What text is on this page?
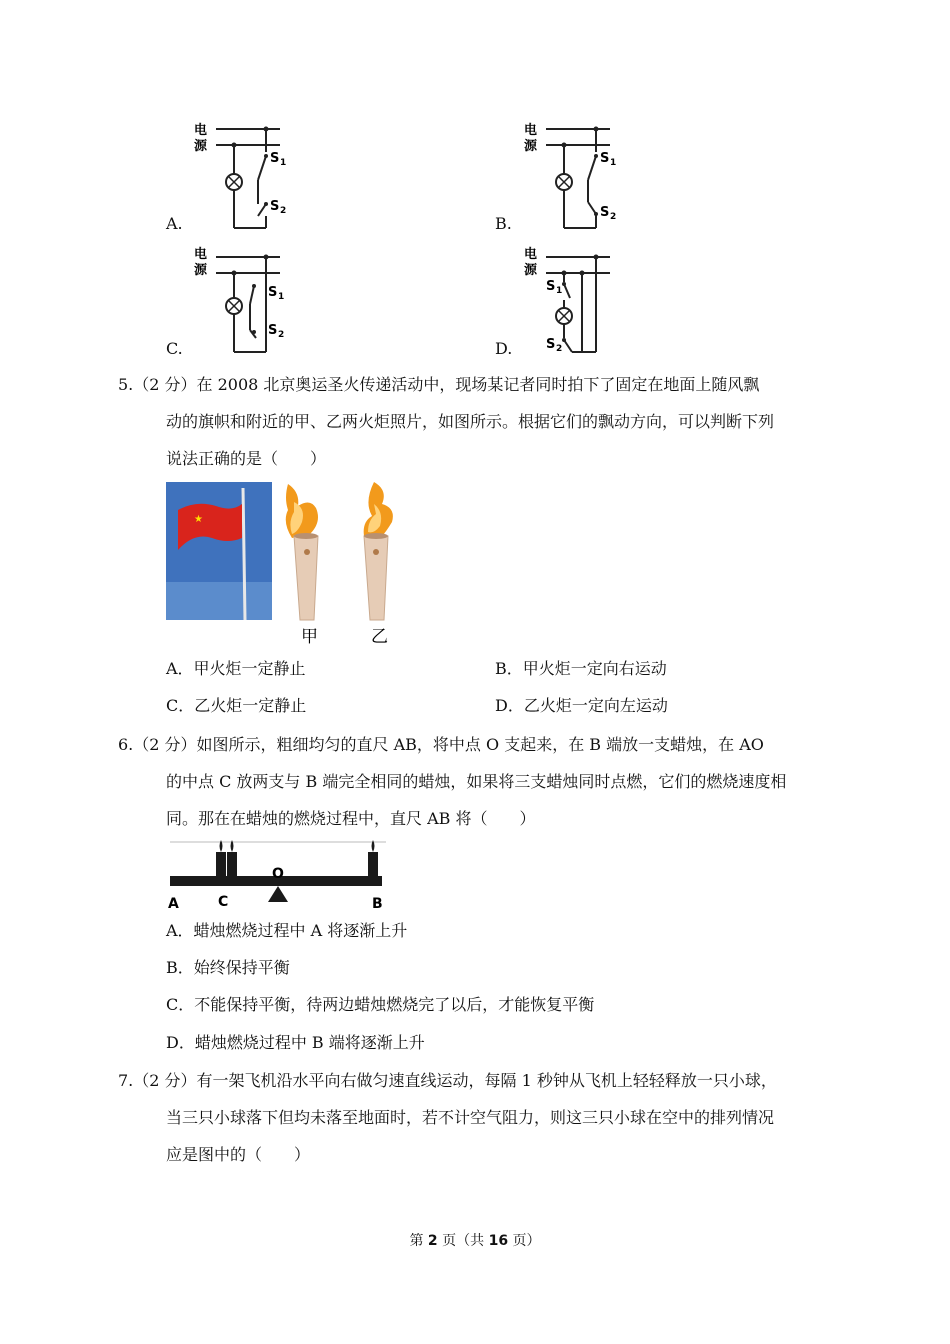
电
源
S 1
S 2
A.
电
源
S 1
S 2
B.
电
源
S 1
S 2
C.
电
源
S 1
S 2
D.
5.（2 分）在 2008 北京奥运圣火传递活动中，现场某记者同时拍下了固定在地面上随风飘
动的旗帜和附近的甲、乙两火炬照片，如图所示。根据它们的飘动方向，可以判断下列
说法正确的是（　　）
★
甲	乙
A．甲火炬一定静止	B．甲火炬一定向右运动
C．乙火炬一定静止	D．乙火炬一定向左运动
6.（2 分）如图所示，粗细均匀的直尺 AB，将中点 O 支起来，在 B 端放一支蜡烛，在 AO
的中点 C 放两支与 B 端完全相同的蜡烛，如果将三支蜡烛同时点燃，它们的燃烧速度相
同。那在在蜡烛的燃烧过程中，直尺 AB 将（　　）
A	C
O
B
A．蜡烛燃烧过程中 A 将逐渐上升
B．始终保持平衡
C．不能保持平衡，待两边蜡烛燃烧完了以后，才能恢复平衡
D．蜡烛燃烧过程中 B 端将逐渐上升
7.（2 分）有一架飞机沿水平向右做匀速直线运动，每隔 1 秒钟从飞机上轻轻释放一只小球，
当三只小球落下但均未落至地面时，若不计空气阻力，则这三只小球在空中的排列情况
应是图中的（　　）
第 2 页（共 16 页）
